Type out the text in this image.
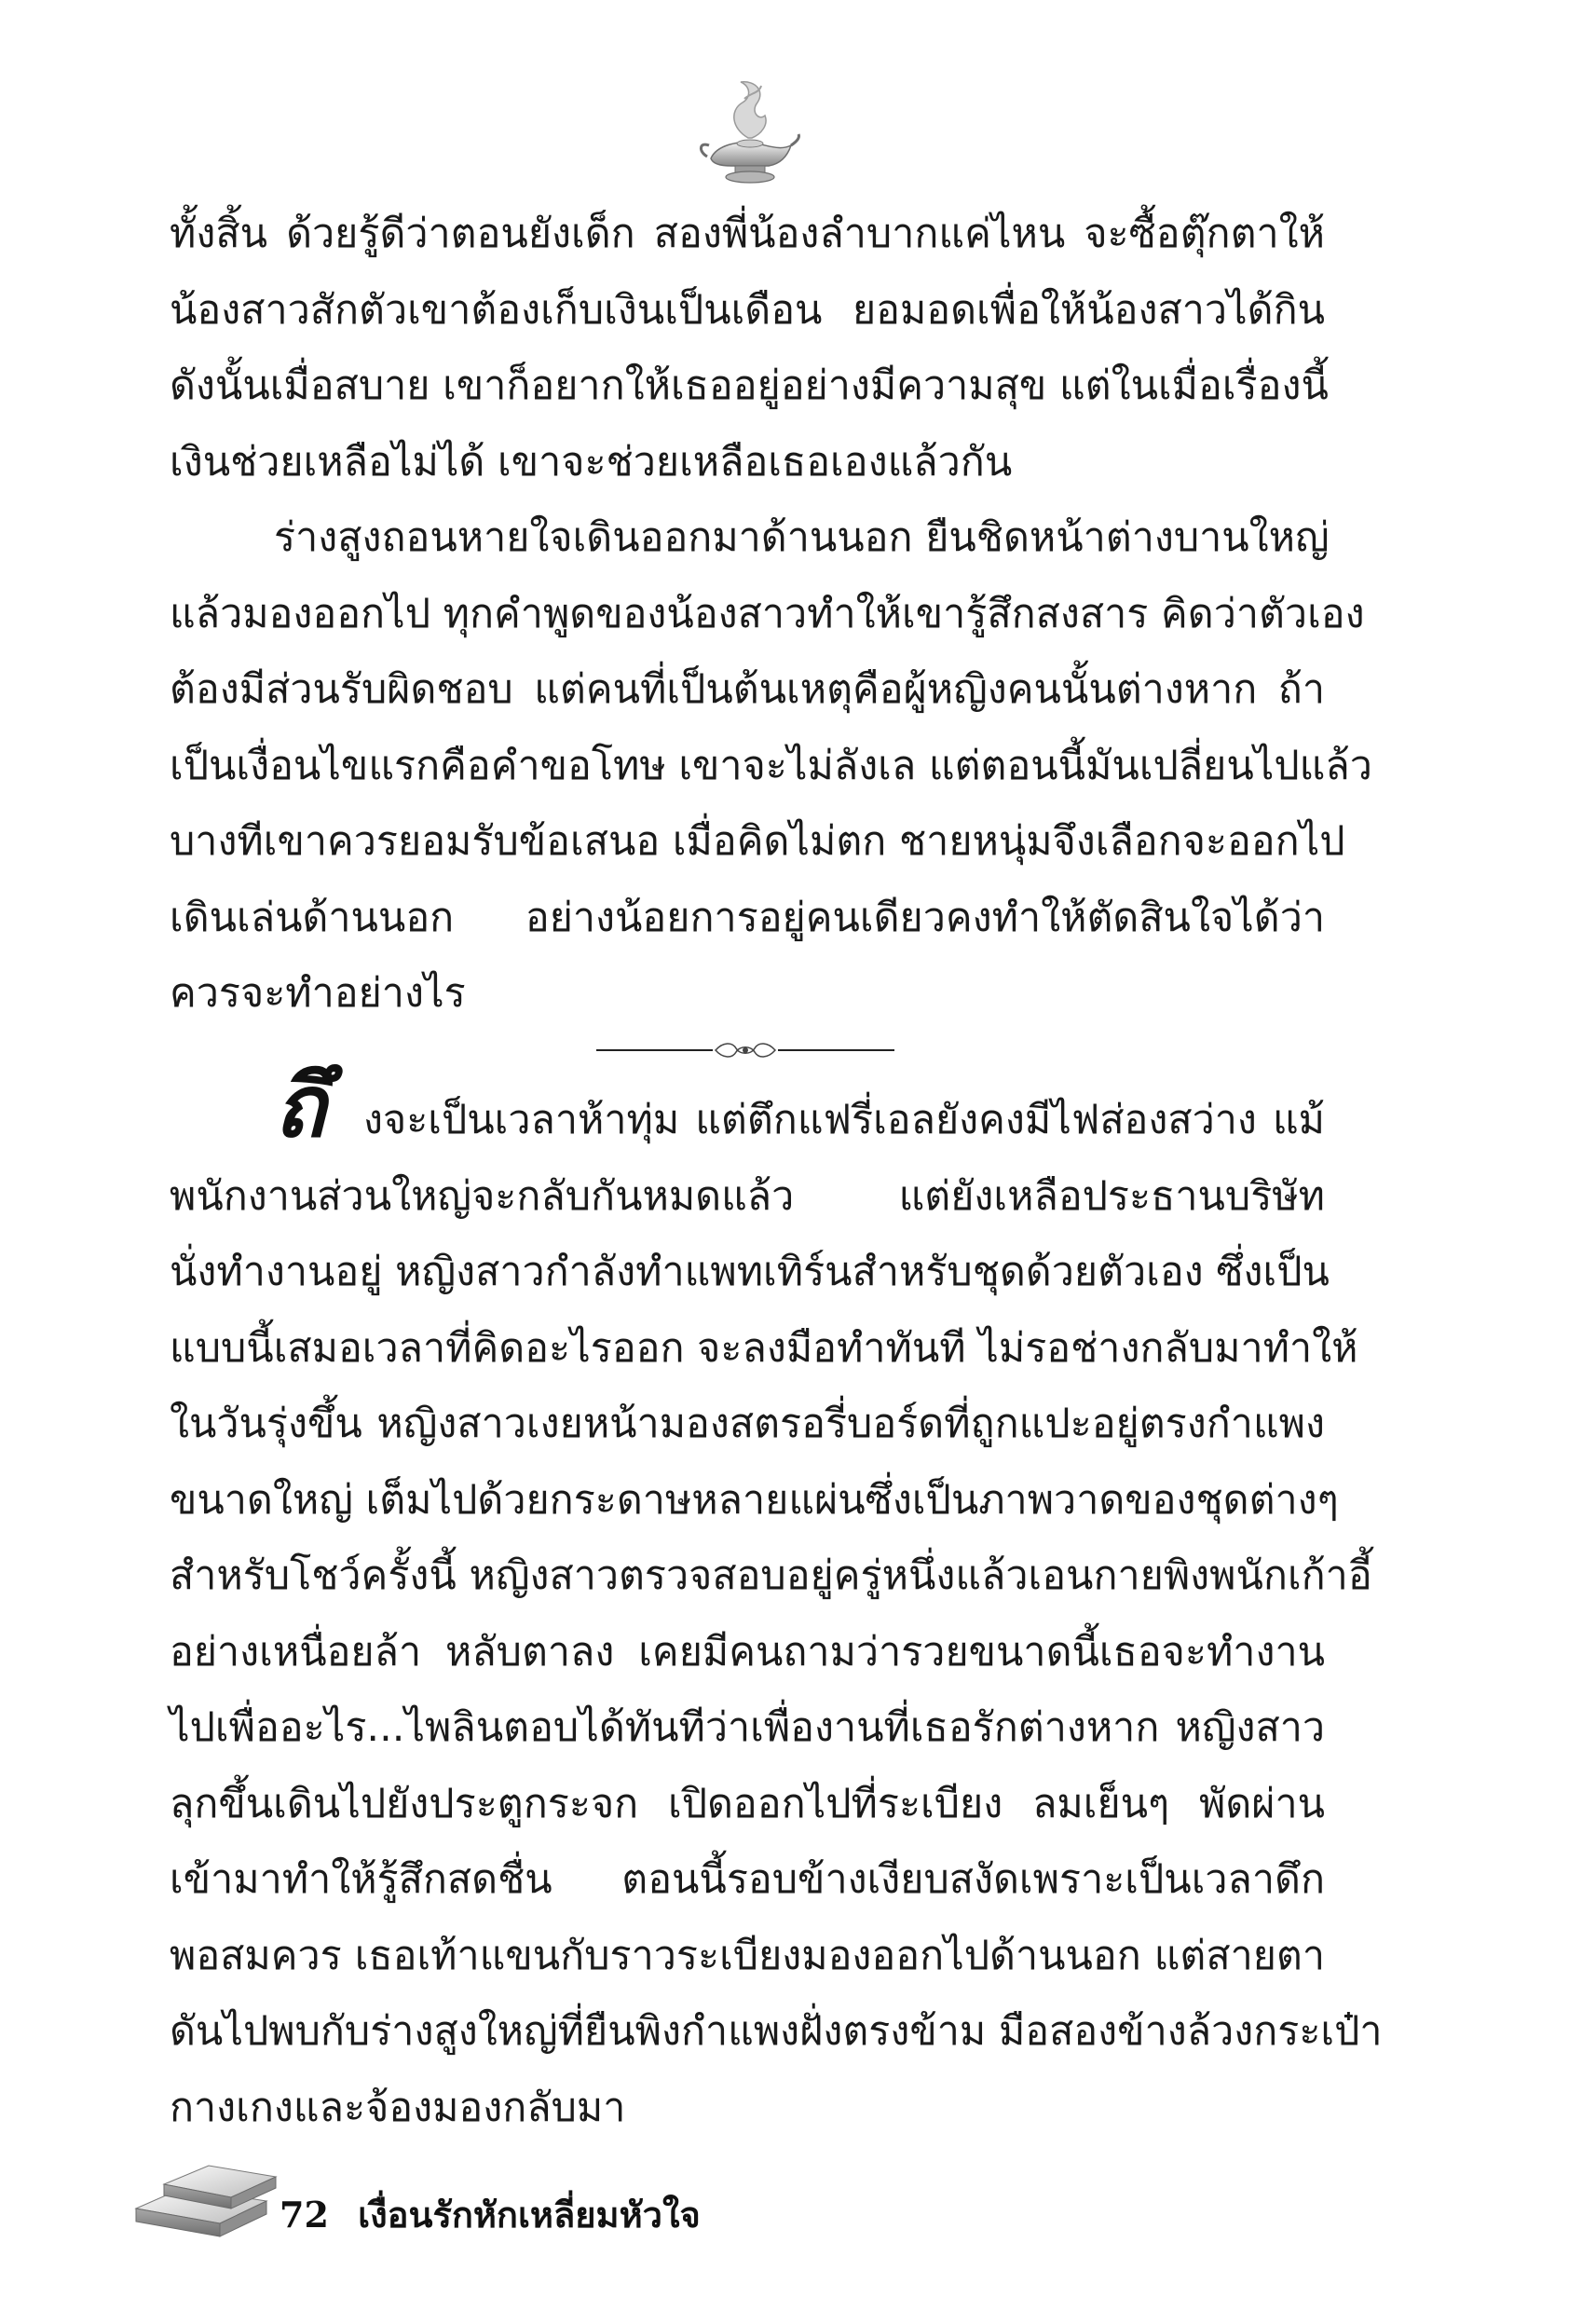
ทั้งสิ้น ด้วยรู้ดีว่าตอนยังเด็ก สองพี่น้องลำบากแค่ไหน จะซื้อตุ๊กตาให้
น้องสาวสักตัวเขาต้องเก็บเงินเป็นเดือน ยอมอดเพื่อให้น้องสาวได้กิน
ดังนั้นเมื่อสบาย เขาก็อยากให้เธออยู่อย่างมีความสุข แต่ในเมื่อเรื่องนี้
เงินช่วยเหลือไม่ได้ เขาจะช่วยเหลือเธอเองแล้วกัน
ร่างสูงถอนหายใจเดินออกมาด้านนอก ยืนชิดหน้าต่างบานใหญ่
แล้วมองออกไป ทุกคำพูดของน้องสาวทำให้เขารู้สึกสงสาร คิดว่าตัวเอง
ต้องมีส่วนรับผิดชอบ แต่คนที่เป็นต้นเหตุคือผู้หญิงคนนั้นต่างหาก ถ้า
เป็นเงื่อนไขแรกคือคำขอโทษ เขาจะไม่ลังเล แต่ตอนนี้มันเปลี่ยนไปแล้ว
บางทีเขาควรยอมรับข้อเสนอ เมื่อคิดไม่ตก ชายหนุ่มจึงเลือกจะออกไป
เดินเล่นด้านนอก อย่างน้อยการอยู่คนเดียวคงทำให้ตัดสินใจได้ว่า
ควรจะทำอย่างไร
ถึ งจะเป็นเวลาห้าทุ่ม แต่ตึกแฟรี่เอลยังคงมีไฟส่องสว่าง แม้
พนักงานส่วนใหญ่จะกลับกันหมดแล้ว แต่ยังเหลือประธานบริษัท
นั่งทำงานอยู่ หญิงสาวกำลังทำแพทเทิร์นสำหรับชุดด้วยตัวเอง ซึ่งเป็น
แบบนี้เสมอเวลาที่คิดอะไรออก จะลงมือทำทันที ไม่รอช่างกลับมาทำให้
ในวันรุ่งขึ้น หญิงสาวเงยหน้ามองสตรอรี่บอร์ดที่ถูกแปะอยู่ตรงกำแพง
ขนาดใหญ่ เต็มไปด้วยกระดาษหลายแผ่นซึ่งเป็นภาพวาดของชุดต่างๆ
สำหรับโชว์ครั้งนี้ หญิงสาวตรวจสอบอยู่ครู่หนึ่งแล้วเอนกายพิงพนักเก้าอี้
อย่างเหนื่อยล้า หลับตาลง เคยมีคนถามว่ารวยขนาดนี้เธอจะทำงาน
ไปเพื่ออะไร...ไพลินตอบได้ทันทีว่าเพื่องานที่เธอรักต่างหาก หญิงสาว
ลุกขึ้นเดินไปยังประตูกระจก เปิดออกไปที่ระเบียง ลมเย็นๆ พัดผ่าน
เข้ามาทำให้รู้สึกสดชื่น ตอนนี้รอบข้างเงียบสงัดเพราะเป็นเวลาดึก
พอสมควร เธอเท้าแขนกับราวระเบียงมองออกไปด้านนอก แต่สายตา
ดันไปพบกับร่างสูงใหญ่ที่ยืนพิงกำแพงฝั่งตรงข้าม มือสองข้างล้วงกระเป๋า
กางเกงและจ้องมองกลับมา
72 เงื่อนรักหักเหลี่ยมหัวใจ
